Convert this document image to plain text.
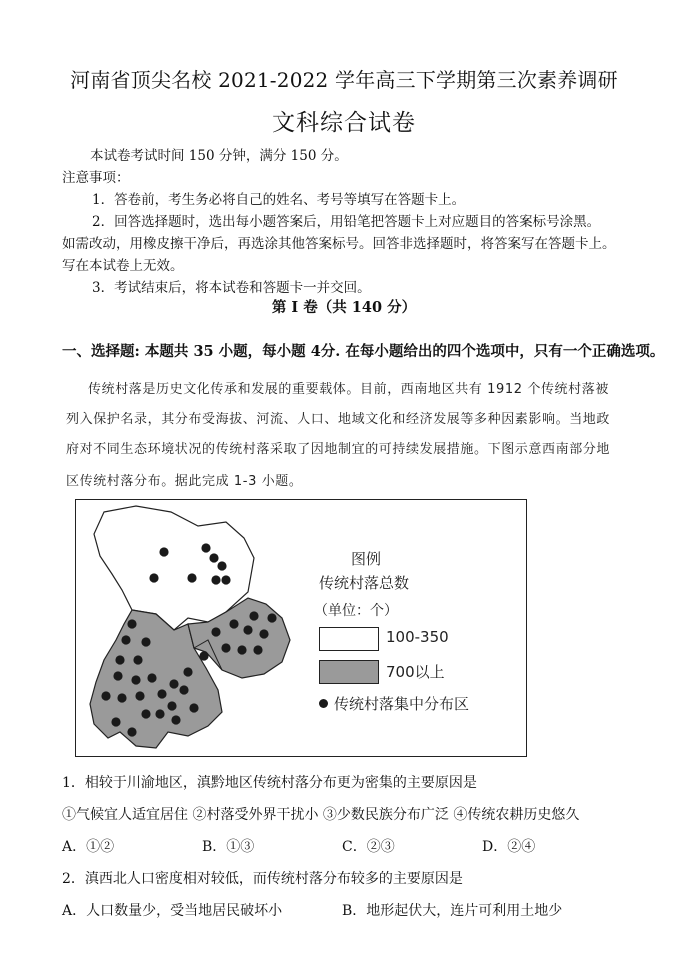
河南省顶尖名校 2021-2022 学年高三下学期第三次素养调研
文科综合试卷
本试卷考试时间 150 分钟，满分 150 分。
注意事项：
1．答卷前，考生务必将自己的姓名、考号等填写在答题卡上。
2．回答选择题时，选出每小题答案后，用铅笔把答题卡上对应题目的答案标号涂黑。
如需改动，用橡皮擦干净后，再选涂其他答案标号。回答非选择题时，将答案写在答题卡上。
写在本试卷上无效。
3．考试结束后，将本试卷和答题卡一并交回。
第 I 卷（共 140 分）
一、选择题: 本题共 35 小题，每小题 4分. 在每小题给出的四个选项中，只有一个正确选项。
传统村落是历史文化传承和发展的重要载体。目前，西南地区共有 1912 个传统村落被
列入保护名录，其分布受海拔、河流、人口、地域文化和经济发展等多种因素影响。当地政
府对不同生态环境状况的传统村落采取了因地制宜的可持续发展措施。下图示意西南部分地
区传统村落分布。据此完成 1-3 小题。
图例
传统村落总数
（单位：个）
100-350
700以上
传统村落集中分布区
1．相较于川渝地区，滇黔地区传统村落分布更为密集的主要原因是
①气候宜人适宜居住 ②村落受外界干扰小 ③少数民族分布广泛 ④传统农耕历史悠久
A．①②	B．①③	C．②③	D．②④
2．滇西北人口密度相对较低，而传统村落分布较多的主要原因是
A．人口数量少，受当地居民破坏小	B．地形起伏大，连片可利用土地少
